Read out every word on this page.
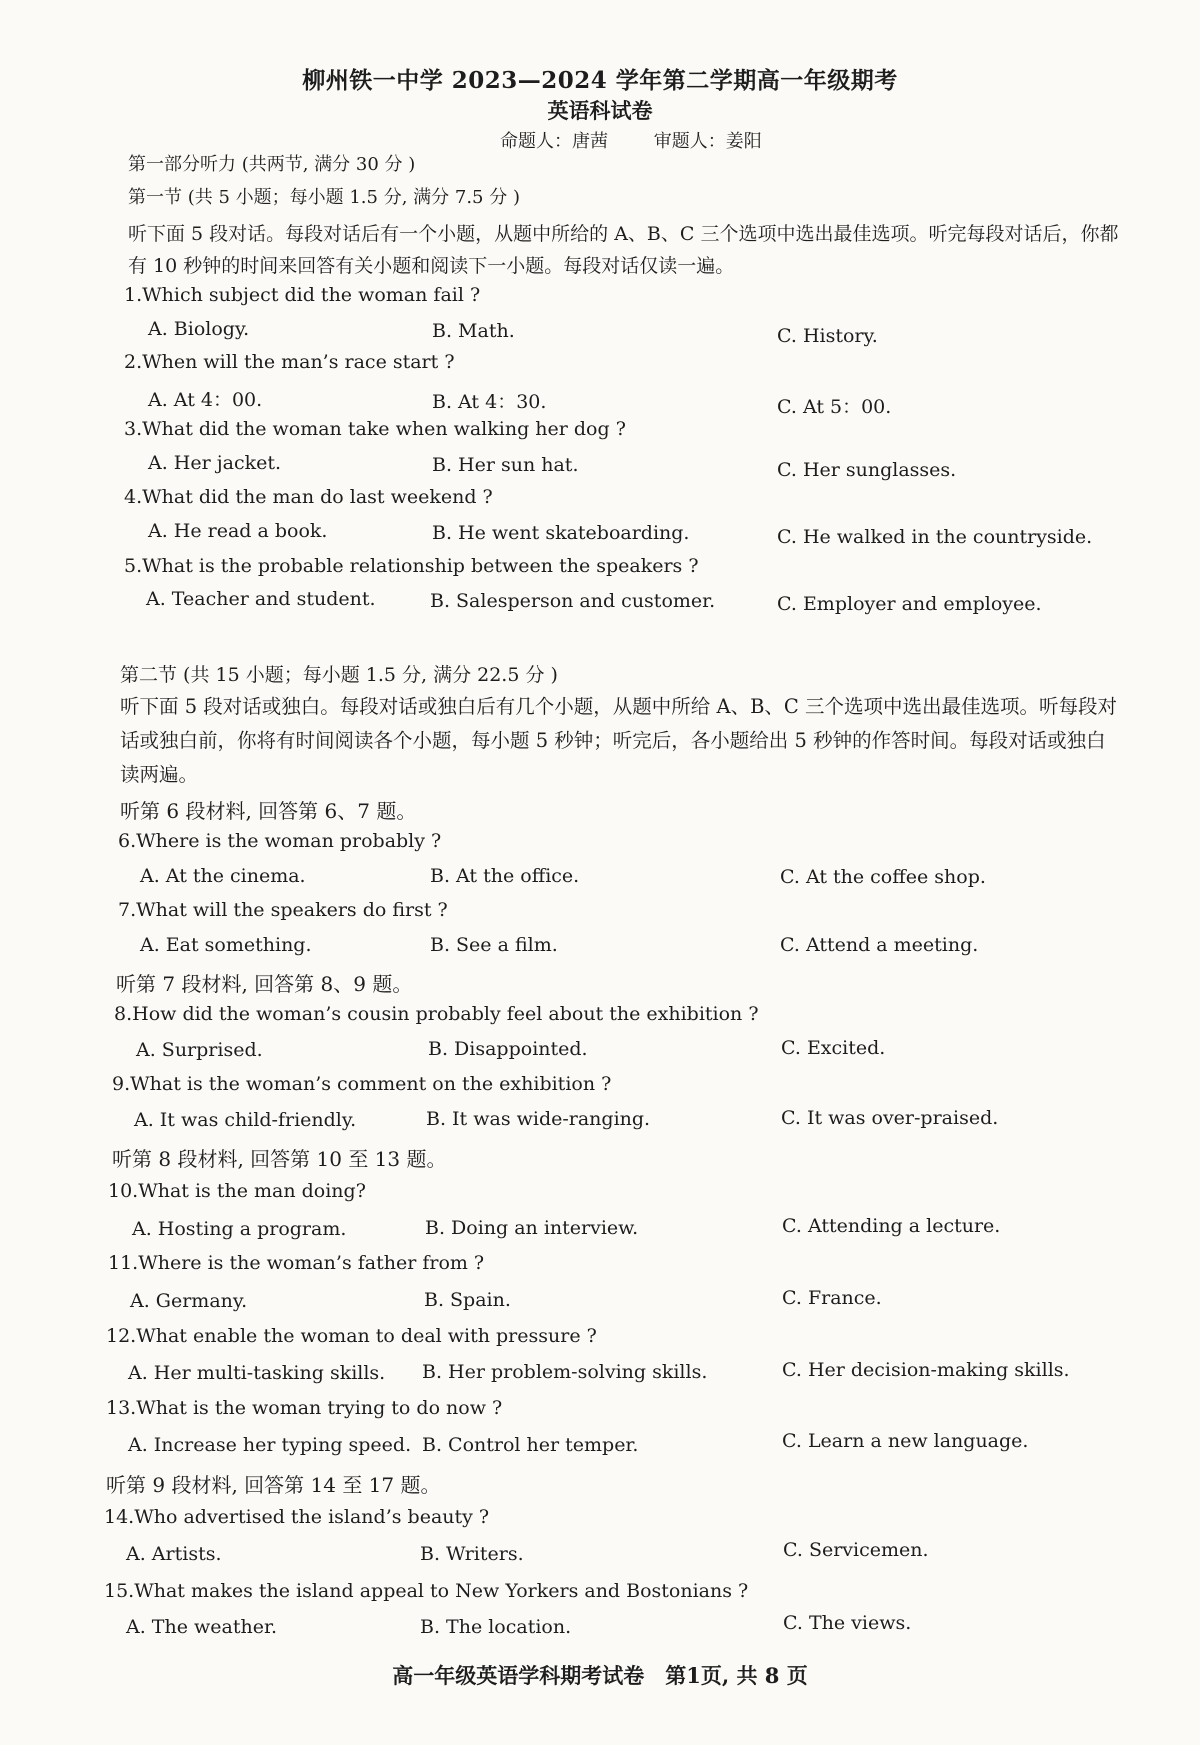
柳州铁一中学 2023—2024 学年第二学期高一年级期考
英语科试卷
命题人：唐茜	审题人：姜阳
第一部分听力 (共两节, 满分 30 分 )
第一节 (共 5 小题；每小题 1.5 分, 满分 7.5 分 )
听下面 5 段对话。每段对话后有一个小题，从题中所给的 A、B、C 三个选项中选出最佳选项。听完每段对话后，你都有 10 秒钟的时间来回答有关小题和阅读下一小题。每段对话仅读一遍。
1.Which subject did the woman fail ?
A. Biology.	B. Math.	C. History.
2.When will the man’s race start ?
A. At 4：00.	B. At 4：30.	C. At 5：00.
3.What did the woman take when walking her dog ?
A. Her jacket.	B. Her sun hat.	C. Her sunglasses.
4.What did the man do last weekend ?
A. He read a book.	B. He went skateboarding.	C. He walked in the countryside.
5.What is the probable relationship between the speakers ?
A. Teacher and student.	B. Salesperson and customer.	C. Employer and employee.
第二节 (共 15 小题；每小题 1.5 分, 满分 22.5 分 )
听下面 5 段对话或独白。每段对话或独白后有几个小题，从题中所给 A、B、C 三个选项中选出最佳选项。听每段对话或独白前，你将有时间阅读各个小题，每小题 5 秒钟；听完后，各小题给出 5 秒钟的作答时间。每段对话或独白读两遍。
听第 6 段材料, 回答第 6、7 题。
6.Where is the woman probably ?
A. At the cinema.	B. At the office.	C. At the coffee shop.
7.What will the speakers do first ?
A. Eat something.	B. See a film.	C. Attend a meeting.
听第 7 段材料, 回答第 8、9 题。
8.How did the woman’s cousin probably feel about the exhibition ?
A. Surprised.	B. Disappointed.	C. Excited.
9.What is the woman’s comment on the exhibition ?
A. It was child-friendly.	B. It was wide-ranging.	C. It was over-praised.
听第 8 段材料, 回答第 10 至 13 题。
10.What is the man doing?
A. Hosting a program.	B. Doing an interview.	C. Attending a lecture.
11.Where is the woman’s father from ?
A. Germany.	B. Spain.	C. France.
12.What enable the woman to deal with pressure ?
A. Her multi-tasking skills. B. Her problem-solving skills.	C. Her decision-making skills.
13.What is the woman trying to do now ?
A. Increase her typing speed. B. Control her temper.	C. Learn a new language.
听第 9 段材料, 回答第 14 至 17 题。
14.Who advertised the island’s beauty ?
A. Artists.	B. Writers.	C. Servicemen.
15.What makes the island appeal to New Yorkers and Bostonians ?
A. The weather.	B. The location.	C. The views.
高一年级英语学科期考试卷　第1页, 共 8 页
